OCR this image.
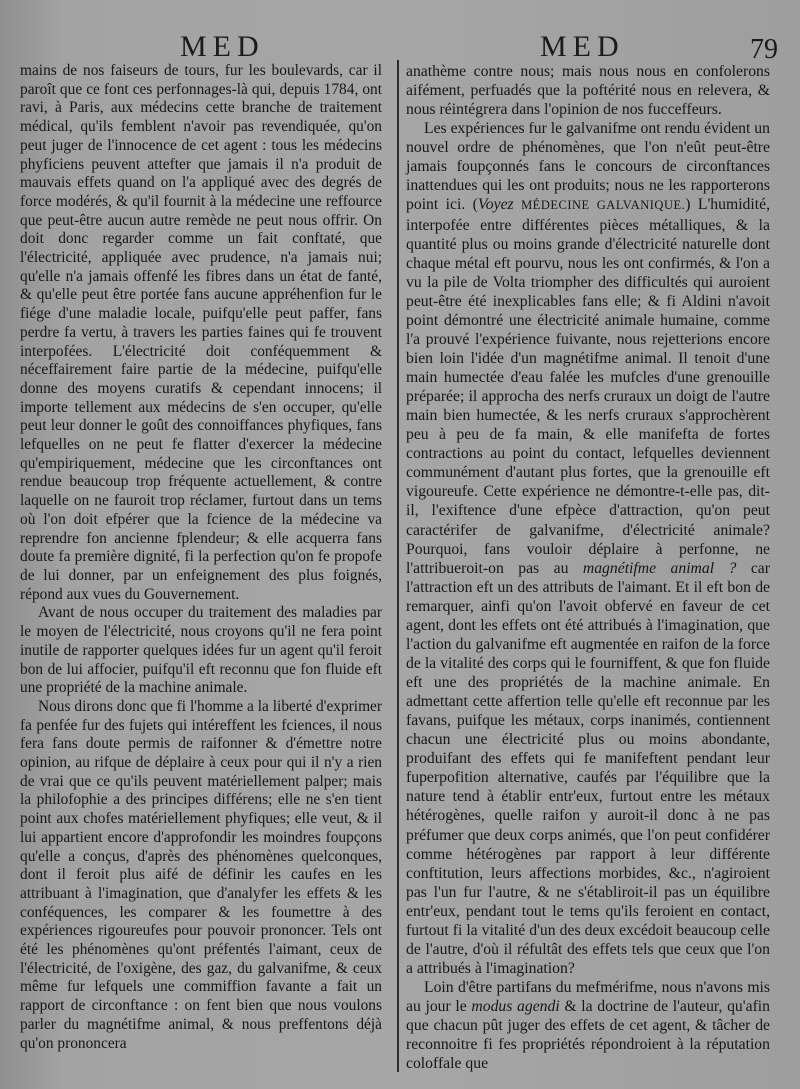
MED	MED	79

mains de nos faiseurs de tours, fur les boulevards, car il paroît que ce font ces perfonnages-là qui, depuis 1784, ont ravi, à Paris, aux médecins cette branche de traitement médical, qu'ils femblent n'avoir pas revendiquée, qu'on peut juger de l'innocence de cet agent : tous les médecins phyficiens peuvent attefter que jamais il n'a produit de mauvais effets quand on l'a appliqué avec des degrés de force modérés, & qu'il fournit à la médecine une reffource que peut-être aucun autre remède ne peut nous offrir. On doit donc regarder comme un fait conftaté, que l'électricité, appliquée avec prudence, n'a jamais nui; qu'elle n'a jamais offenfé les fibres dans un état de fanté, & qu'elle peut être portée fans aucune appréhenfion fur le fiége d'une maladie locale, puifqu'elle peut paffer, fans perdre fa vertu, à travers les parties faines qui fe trouvent interpofées. L'électricité doit conféquemment & néceffairement faire partie de la médecine, puifqu'elle donne des moyens curatifs & cependant innocens; il importe tellement aux médecins de s'en occuper, qu'elle peut leur donner le goût des connoiffances phyfiques, fans lefquelles on ne peut fe flatter d'exercer la médecine qu'empiriquement, médecine que les circonftances ont rendue beaucoup trop fréquente actuellement, & contre laquelle on ne fauroit trop réclamer, furtout dans un tems où l'on doit efpérer que la fcience de la médecine va reprendre fon ancienne fplendeur; & elle acquerra fans doute fa première dignité, fi la perfection qu'on fe propofe de lui donner, par un enfeignement des plus foignés, répond aux vues du Gouvernement.

Avant de nous occuper du traitement des maladies par le moyen de l'électricité, nous croyons qu'il ne fera point inutile de rapporter quelques idées fur un agent qu'il feroit bon de lui affocier, puifqu'il eft reconnu que fon fluide eft une propriété de la machine animale.

Nous dirons donc que fi l'homme a la liberté d'exprimer fa penfée fur des fujets qui intéreffent les fciences, il nous fera fans doute permis de raifonner & d'émettre notre opinion, au rifque de déplaire à ceux pour qui il n'y a rien de vrai que ce qu'ils peuvent matériellement palper; mais la philofophie a des principes différens; elle ne s'en tient point aux chofes matériellement phyfiques; elle veut, & il lui appartient encore d'approfondir les moindres foupçons qu'elle a conçus, d'après des phénomènes quelconques, dont il feroit plus aifé de définir les caufes en les attribuant à l'imagination, que d'analyfer les effets & les conféquences, les comparer & les foumettre à des expériences rigoureufes pour pouvoir prononcer. Tels ont été les phénomènes qu'ont préfentés l'aimant, ceux de l'électricité, de l'oxigène, des gaz, du galvanifme, & ceux même fur lefquels une commiffion favante a fait un rapport de circonftance : on fent bien que nous voulons parler du magnétifme animal, & nous preffentons déjà qu'on prononcera

anathème contre nous; mais nous nous en confolerons aifément, perfuadés que la poftérité nous en relevera, & nous réintégrera dans l'opinion de nos fucceffeurs.

Les expériences fur le galvanifme ont rendu évident un nouvel ordre de phénomènes, que l'on n'eût peut-être jamais foupçonnés fans le concours de circonftances inattendues qui les ont produits; nous ne les rapporterons point ici. (Voyez MÉDECINE GALVANIQUE.) L'humidité, interpofée entre différentes pièces métalliques, & la quantité plus ou moins grande d'électricité naturelle dont chaque métal eft pourvu, nous les ont confirmés, & l'on a vu la pile de Volta triompher des difficultés qui auroient peut-être été inexplicables fans elle; & fi Aldini n'avoit point démontré une électricité animale humaine, comme l'a prouvé l'expérience fuivante, nous rejetterions encore bien loin l'idée d'un magnétifme animal. Il tenoit d'une main humectée d'eau falée les mufcles d'une grenouille préparée; il approcha des nerfs cruraux un doigt de l'autre main bien humectée, & les nerfs cruraux s'approchèrent peu à peu de fa main, & elle manifefta de fortes contractions au point du contact, lefquelles deviennent communément d'autant plus fortes, que la grenouille eft vigoureufe. Cette expérience ne démontre-t-elle pas, dit-il, l'exiftence d'une efpèce d'attraction, qu'on peut caractérifer de galvanifme, d'électricité animale? Pourquoi, fans vouloir déplaire à perfonne, ne l'attribueroit-on pas au magnétifme animal ? car l'attraction eft un des attributs de l'aimant. Et il eft bon de remarquer, ainfi qu'on l'avoit obfervé en faveur de cet agent, dont les effets ont été attribués à l'imagination, que l'action du galvanifme eft augmentée en raifon de la force de la vitalité des corps qui le fourniffent, & que fon fluide eft une des propriétés de la machine animale. En admettant cette affertion telle qu'elle eft reconnue par les favans, puifque les métaux, corps inanimés, contiennent chacun une électricité plus ou moins abondante, produifant des effets qui fe manifeftent pendant leur fuperpofition alternative, caufés par l'équilibre que la nature tend à établir entr'eux, furtout entre les métaux hétérogènes, quelle raifon y auroit-il donc à ne pas préfumer que deux corps animés, que l'on peut confidérer comme hétérogènes par rapport à leur différente conftitution, leurs affections morbides, &c., n'agiroient pas l'un fur l'autre, & ne s'établiroit-il pas un équilibre entr'eux, pendant tout le tems qu'ils feroient en contact, furtout fi la vitalité d'un des deux excédoit beaucoup celle de l'autre, d'où il réfultât des effets tels que ceux que l'on a attribués à l'imagination?

Loin d'être partifans du mefmérifme, nous n'avons mis au jour le modus agendi & la doctrine de l'auteur, qu'afin que chacun pût juger des effets de cet agent, & tâcher de reconnoitre fi fes propriétés répondroient à la réputation coloffale que
